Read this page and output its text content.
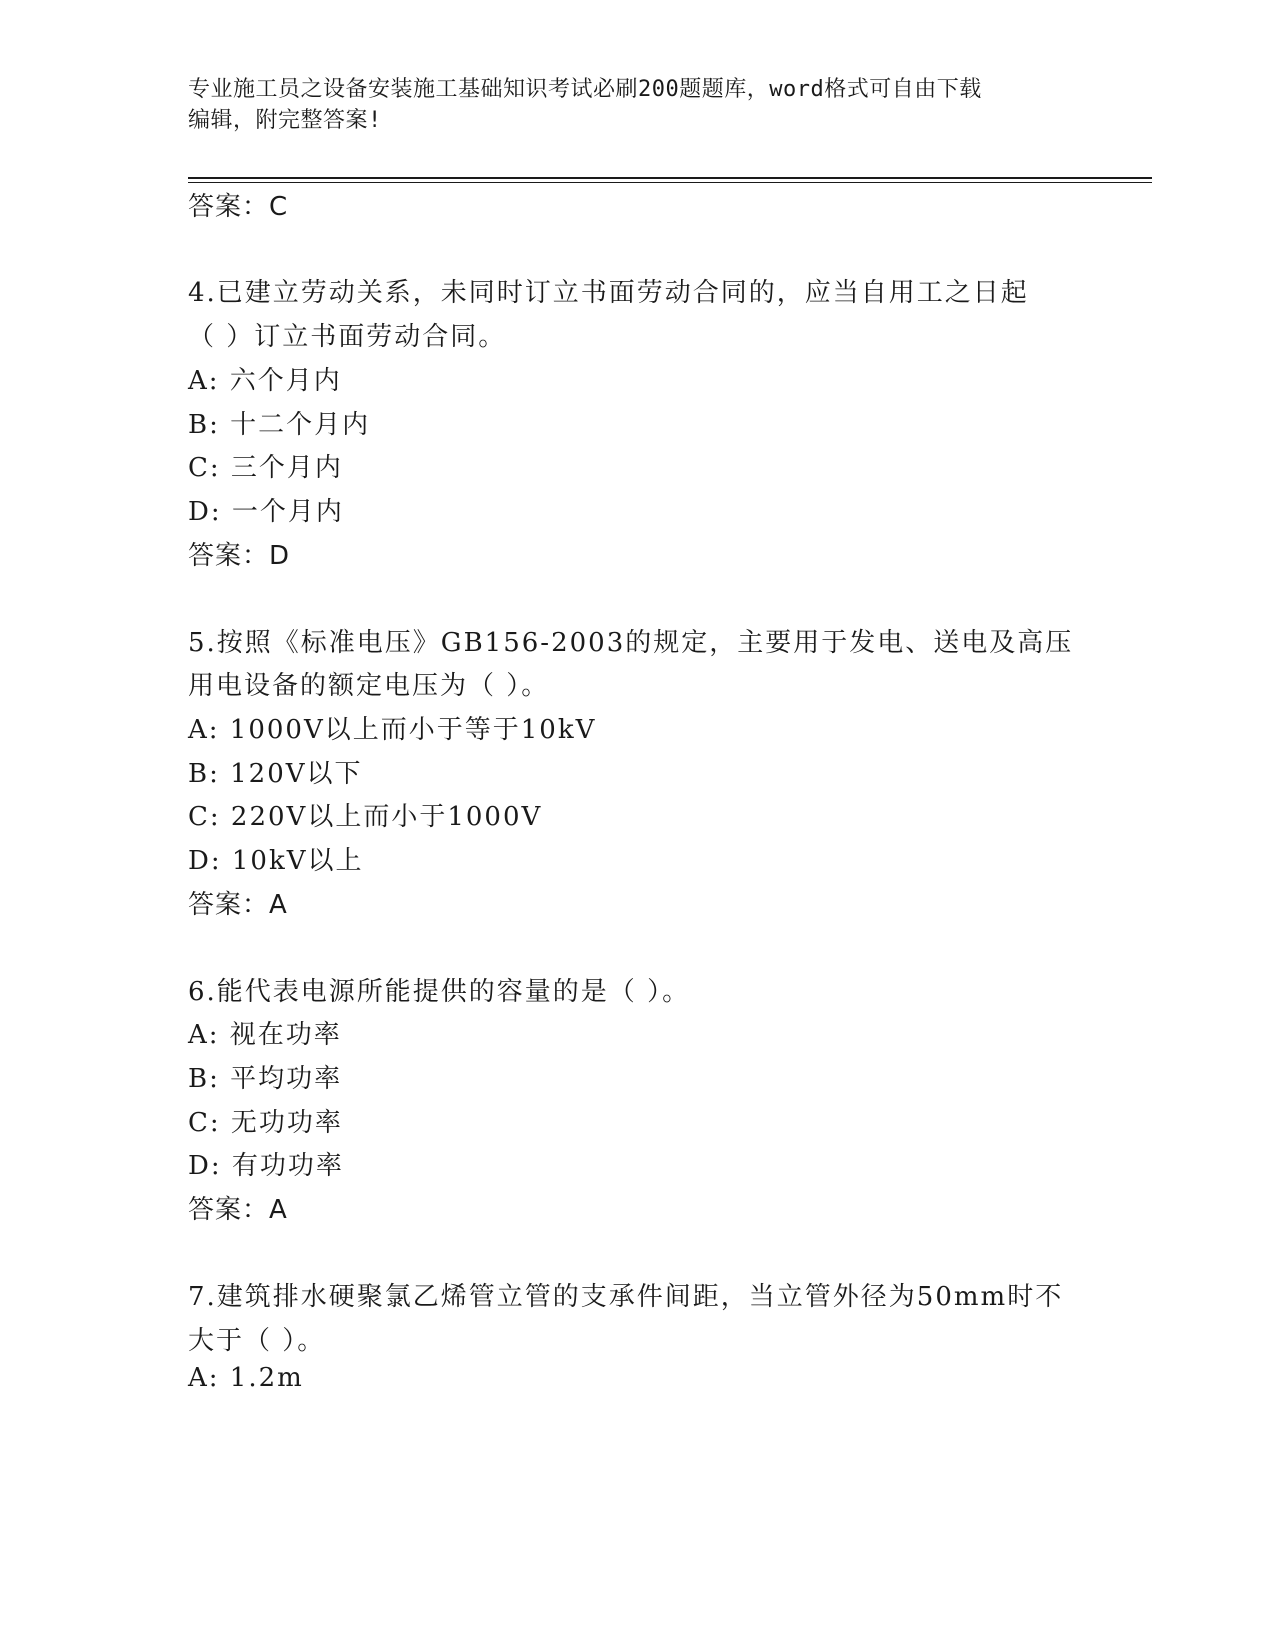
专业施工员之设备安装施工基础知识考试必刷200题题库，word格式可自由下载
编辑，附完整答案!
答案：C
4.已建立劳动关系，未同时订立书面劳动合同的，应当自用工之日起
（ ）订立书面劳动合同。
A: 六个月内
B: 十二个月内
C: 三个月内
D: 一个月内
答案：D
5.按照《标准电压》GB156-2003的规定，主要用于发电、送电及高压
用电设备的额定电压为（ ）。
A: 1000V以上而小于等于10kV
B: 120V以下
C: 220V以上而小于1000V
D: 10kV以上
答案：A
6.能代表电源所能提供的容量的是（ ）。
A: 视在功率
B: 平均功率
C: 无功功率
D: 有功功率
答案：A
7.建筑排水硬聚氯乙烯管立管的支承件间距，当立管外径为50mm时不
大于（ ）。
A: 1.2m
